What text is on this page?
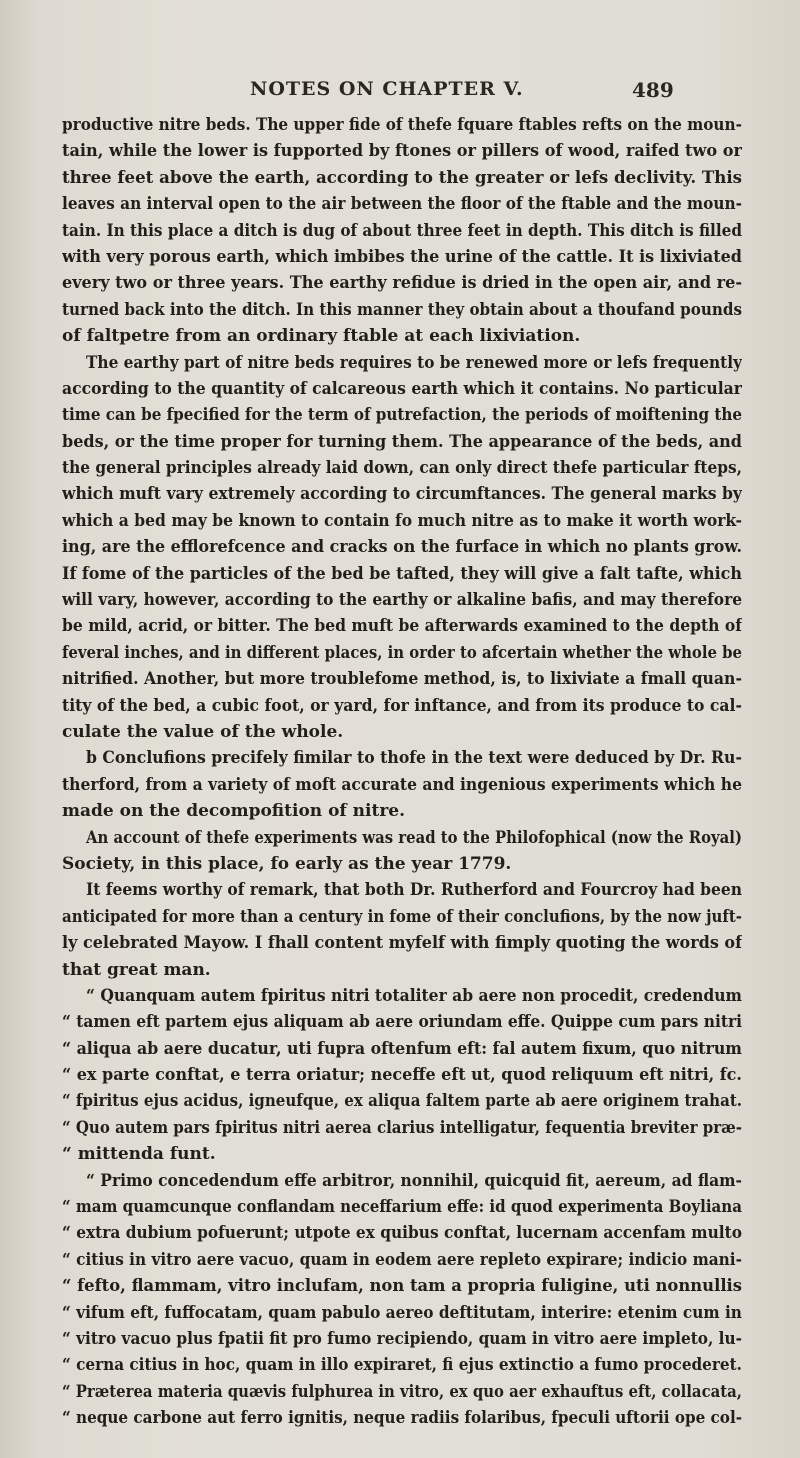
NOTES ON CHAPTER V.	489
productive nitre beds. The upper fide of thefe fquare ftables refts on the moun-
tain, while the lower is fupported by ftones or pillers of wood, raifed two or
three feet above the earth, according to the greater or lefs declivity. This
leaves an interval open to the air between the floor of the ftable and the moun-
tain. In this place a ditch is dug of about three feet in depth. This ditch is filled
with very porous earth, which imbibes the urine of the cattle. It is lixiviated
every two or three years. The earthy refidue is dried in the open air, and re-
turned back into the ditch. In this manner they obtain about a thoufand pounds
of faltpetre from an ordinary ftable at each lixiviation.
The earthy part of nitre beds requires to be renewed more or lefs frequently
according to the quantity of calcareous earth which it contains. No particular
time can be fpecified for the term of putrefaction, the periods of moiftening the
beds, or the time proper for turning them. The appearance of the beds, and
the general principles already laid down, can only direct thefe particular fteps,
which muft vary extremely according to circumftances. The general marks by
which a bed may be known to contain fo much nitre as to make it worth work-
ing, are the efflorefcence and cracks on the furface in which no plants grow.
If fome of the particles of the bed be tafted, they will give a falt tafte, which
will vary, however, according to the earthy or alkaline bafis, and may therefore
be mild, acrid, or bitter. The bed muft be afterwards examined to the depth of
feveral inches, and in different places, in order to afcertain whether the whole be
nitrified. Another, but more troublefome method, is, to lixiviate a fmall quan-
tity of the bed, a cubic foot, or yard, for inftance, and from its produce to cal-
culate the value of the whole.
b Conclufions precifely fimilar to thofe in the text were deduced by Dr. Ru-
therford, from a variety of moft accurate and ingenious experiments which he
made on the decompofition of nitre.
An account of thefe experiments was read to the Philofophical (now the Royal)
Society, in this place, fo early as the year 1779.
It feems worthy of remark, that both Dr. Rutherford and Fourcroy had been
anticipated for more than a century in fome of their conclufions, by the now juft-
ly celebrated Mayow. I fhall content myfelf with fimply quoting the words of
that great man.
“ Quanquam autem fpiritus nitri totaliter ab aere non procedit, credendum
“ tamen eft partem ejus aliquam ab aere oriundam effe. Quippe cum pars nitri
“ aliqua ab aere ducatur, uti fupra oftenfum eft: fal autem fixum, quo nitrum
“ ex parte conftat, e terra oriatur; neceffe eft ut, quod reliquum eft nitri, fc.
“ fpiritus ejus acidus, igneufque, ex aliqua faltem parte ab aere originem trahat.
“ Quo autem pars fpiritus nitri aerea clarius intelligatur, fequentia breviter præ-
“ mittenda funt.
“ Primo concedendum effe arbitror, nonnihil, quicquid fit, aereum, ad flam-
“ mam quamcunque conflandam neceffarium effe: id quod experimenta Boyliana
“ extra dubium pofuerunt; utpote ex quibus conftat, lucernam accenfam multo
“ citius in vitro aere vacuo, quam in eodem aere repleto expirare; indicio mani-
“ fefto, flammam, vitro inclufam, non tam a propria fuligine, uti nonnullis
“ vifum eft, fuffocatam, quam pabulo aereo deftitutam, interire: etenim cum in
“ vitro vacuo plus fpatii fit pro fumo recipiendo, quam in vitro aere impleto, lu-
“ cerna citius in hoc, quam in illo expiraret, fi ejus extinctio a fumo procederet.
“ Præterea materia quævis fulphurea in vitro, ex quo aer exhauftus eft, collacata,
“ neque carbone aut ferro ignitis, neque radiis folaribus, fpeculi uftorii ope col-
